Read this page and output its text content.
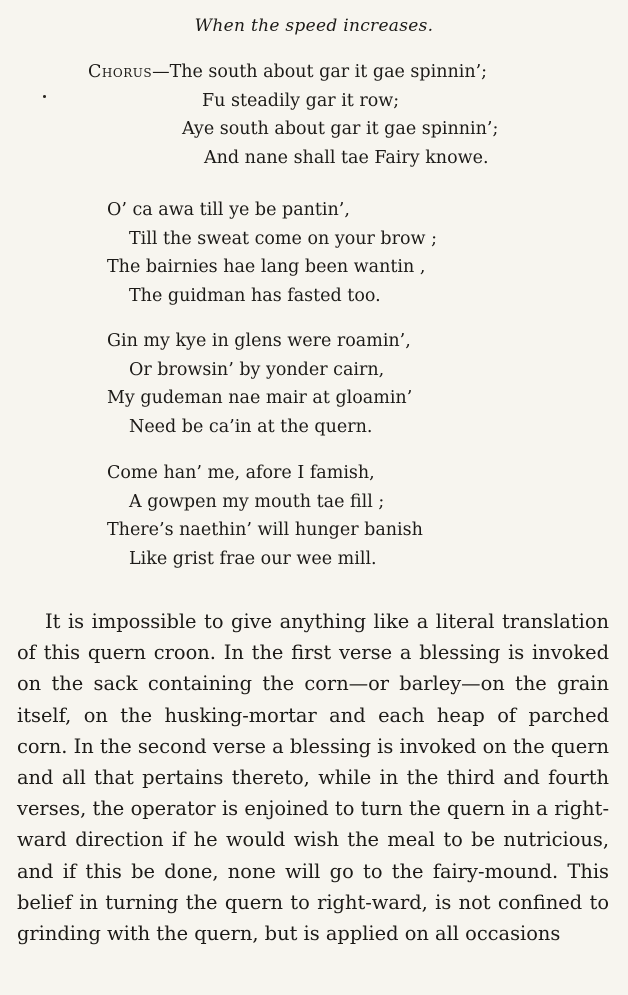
When the speed increases.
Chorus—The south about gar it gae spinnin’;
Fu steadily gar it row;
Aye south about gar it gae spinnin’;
And nane shall tae Fairy knowe.
O’ ca awa till ye be pantin’,
Till the sweat come on your brow ;
The bairnies hae lang been wantin ,
The guidman has fasted too.
Gin my kye in glens were roamin’,
Or browsin’ by yonder cairn,
My gudeman nae mair at gloamin’
Need be ca’in at the quern.
Come han’ me, afore I famish,
A gowpen my mouth tae fill ;
There’s naethin’ will hunger banish
Like grist frae our wee mill.

It is impossible to give anything like a literal translation of this quern croon. In the first verse a blessing is invoked on the sack containing the corn—or barley—on the grain itself, on the husking-mortar and each heap of parched corn. In the second verse a blessing is invoked on the quern and all that pertains thereto, while in the third and fourth verses, the operator is enjoined to turn the quern in a right-ward direction if he would wish the meal to be nutricious, and if this be done, none will go to the fairy-mound. This belief in turning the quern to right-ward, is not confined to grinding with the quern, but is applied on all occasions
